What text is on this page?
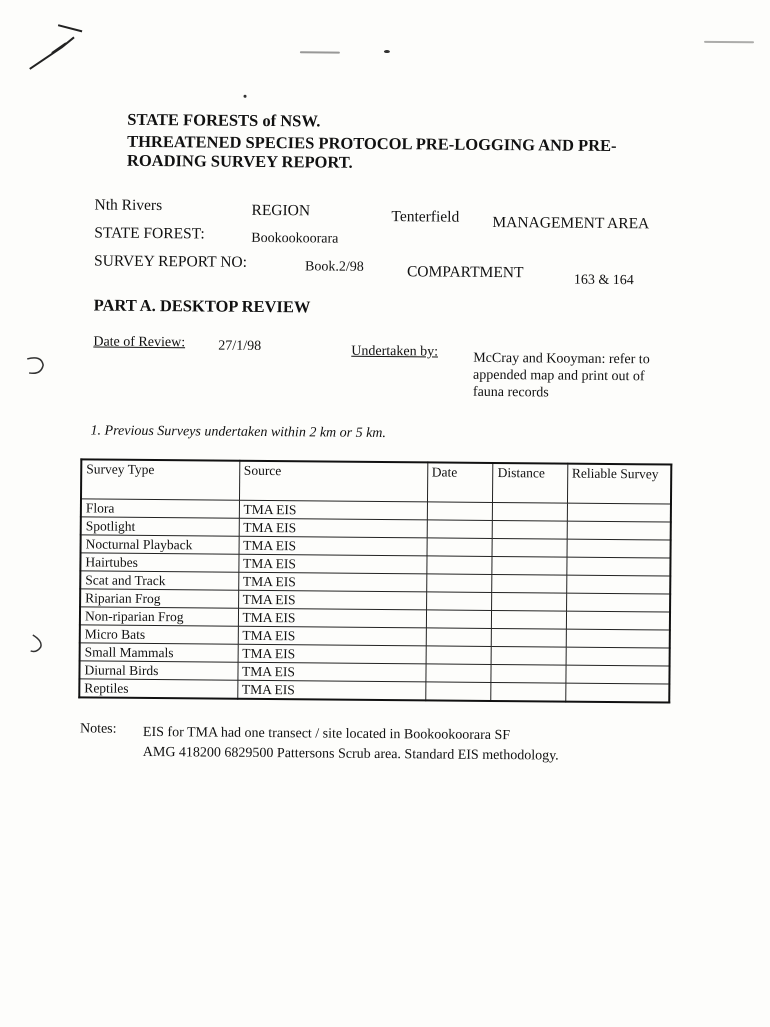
STATE FORESTS of NSW.
THREATENED SPECIES PROTOCOL PRE-LOGGING AND PRE-
ROADING SURVEY REPORT.
Nth Rivers	REGION	Tenterfield MANAGEMENT AREA
STATE FOREST:	Bookookoorara
SURVEY REPORT NO:	Book.2/98	COMPARTMENT	163 & 164
PART A. DESKTOP REVIEW
Date of Review: 27/1/98	Undertaken by:	McCray and Kooyman: refer to
appended map and print out of
fauna records
1. Previous Surveys undertaken within 2 km or 5 km.
Survey Type	Source	Date	Distance	Reliable Survey
Flora	TMA EIS			
Spotlight	TMA EIS			
Nocturnal Playback	TMA EIS			
Hairtubes	TMA EIS			
Scat and Track	TMA EIS			
Riparian Frog	TMA EIS			
Non-riparian Frog	TMA EIS			
Micro Bats	TMA EIS			
Small Mammals	TMA EIS			
Diurnal Birds	TMA EIS			
Reptiles	TMA EIS			
Notes: EIS for TMA had one transect / site located in Bookookoorara SF
AMG 418200 6829500 Pattersons Scrub area. Standard EIS methodology.
